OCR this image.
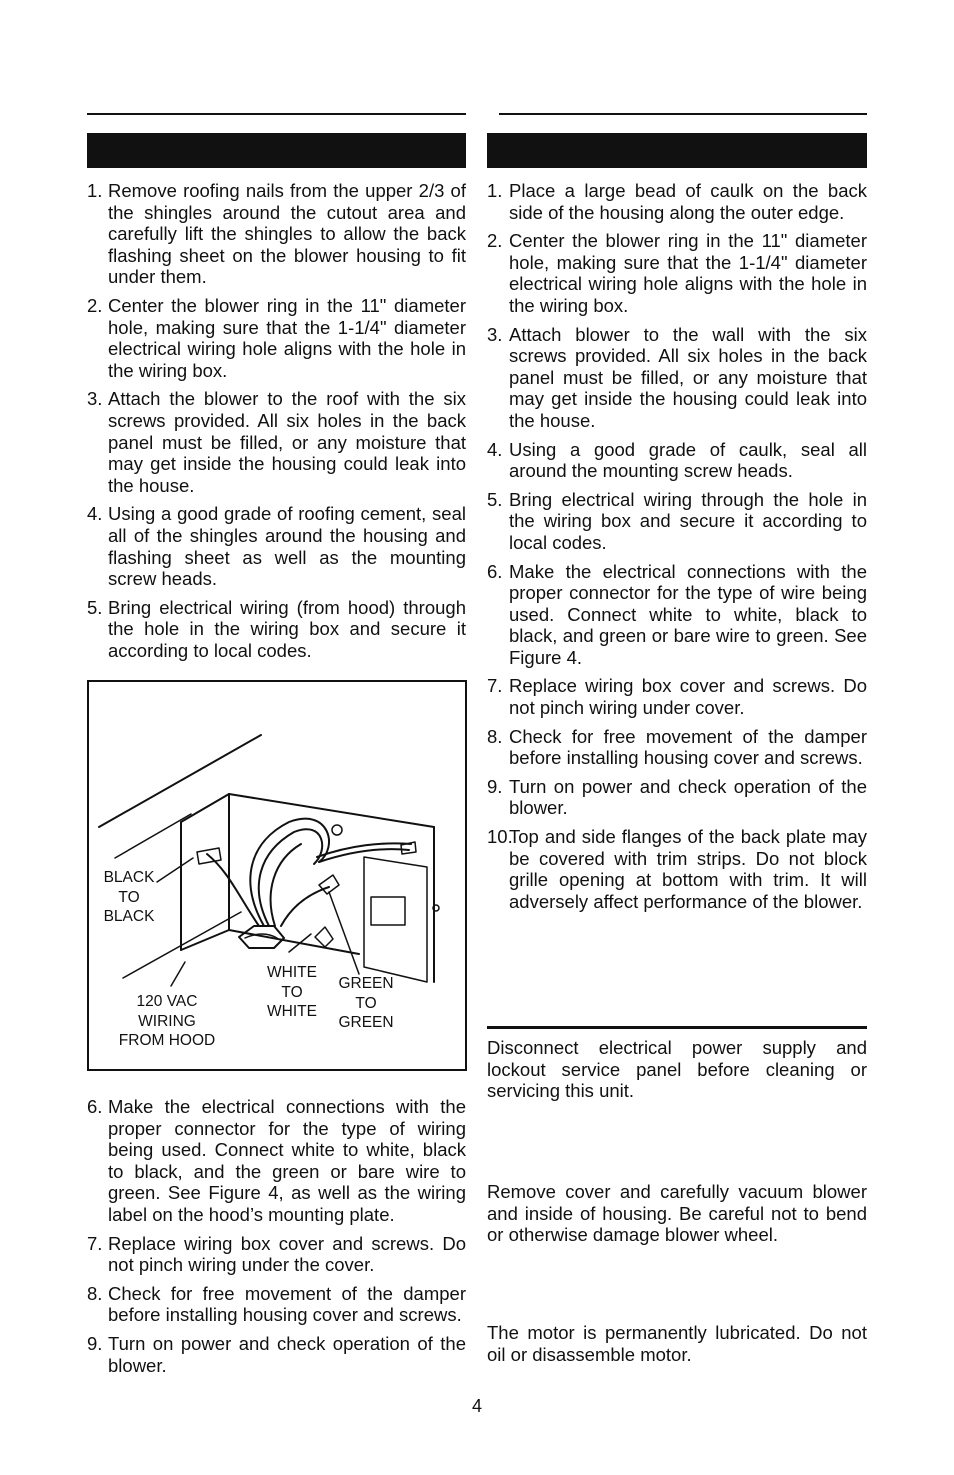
1. Remove roofing nails from the upper 2/3 of the shingles around the cutout area and carefully lift the shingles to allow the back flashing sheet on the blower housing to fit under them.
2. Center the blower ring in the 11" diameter hole, making sure that the 1-1/4" diameter electrical wiring hole aligns with the hole in the wiring box.
3. Attach the blower to the roof with the six screws provided. All six holes in the back panel must be filled, or any moisture that may get inside the housing could leak into the house.
4. Using a good grade of roofing cement, seal all of the shingles around the housing and flashing sheet as well as the mounting screw heads.
5. Bring electrical wiring (from hood) through the hole in the wiring box and secure it according to local codes.
BLACK
TO
BLACK
120 VAC
WIRING
FROM HOOD
WHITE
TO
WHITE
GREEN
TO
GREEN
6. Make the electrical connections with the proper connector for the type of wiring being used. Connect white to white, black to black, and the green or bare wire to green. See Figure 4, as well as the wiring label on the hood’s mounting plate.
7. Replace wiring box cover and screws. Do not pinch wiring under the cover.
8. Check for free movement of the damper before installing housing cover and screws.
9. Turn on power and check operation of the blower.
1. Place a large bead of caulk on the back side of the housing along the outer edge.
2. Center the blower ring in the 11" diameter hole, making sure that the 1-1/4" diameter electrical wiring hole aligns with the hole in the wiring box.
3. Attach blower to the wall with the six screws provided. All six holes in the back panel must be filled, or any moisture that may get inside the housing could leak into the house.
4. Using a good grade of caulk, seal all around the mounting screw heads.
5. Bring electrical wiring through the hole in the wiring box and secure it according to local codes.
6. Make the electrical connections with the proper connector for the type of wire being used. Connect white to white, black to black, and green or bare wire to green. See Figure 4.
7. Replace wiring box cover and screws. Do not pinch wiring under cover.
8. Check for free movement of the damper before installing housing cover and screws.
9. Turn on power and check operation of the blower.
10.
Top and side flanges of the back plate may be covered with trim strips. Do not block grille opening at bottom with trim. It will adversely affect performance of the blower.
Disconnect electrical power supply and lockout service panel before cleaning or servicing this unit.
Remove cover and carefully vacuum blower and inside of housing. Be careful not to bend or otherwise damage blower wheel.
The motor is permanently lubricated. Do not oil or disassemble motor.
4
